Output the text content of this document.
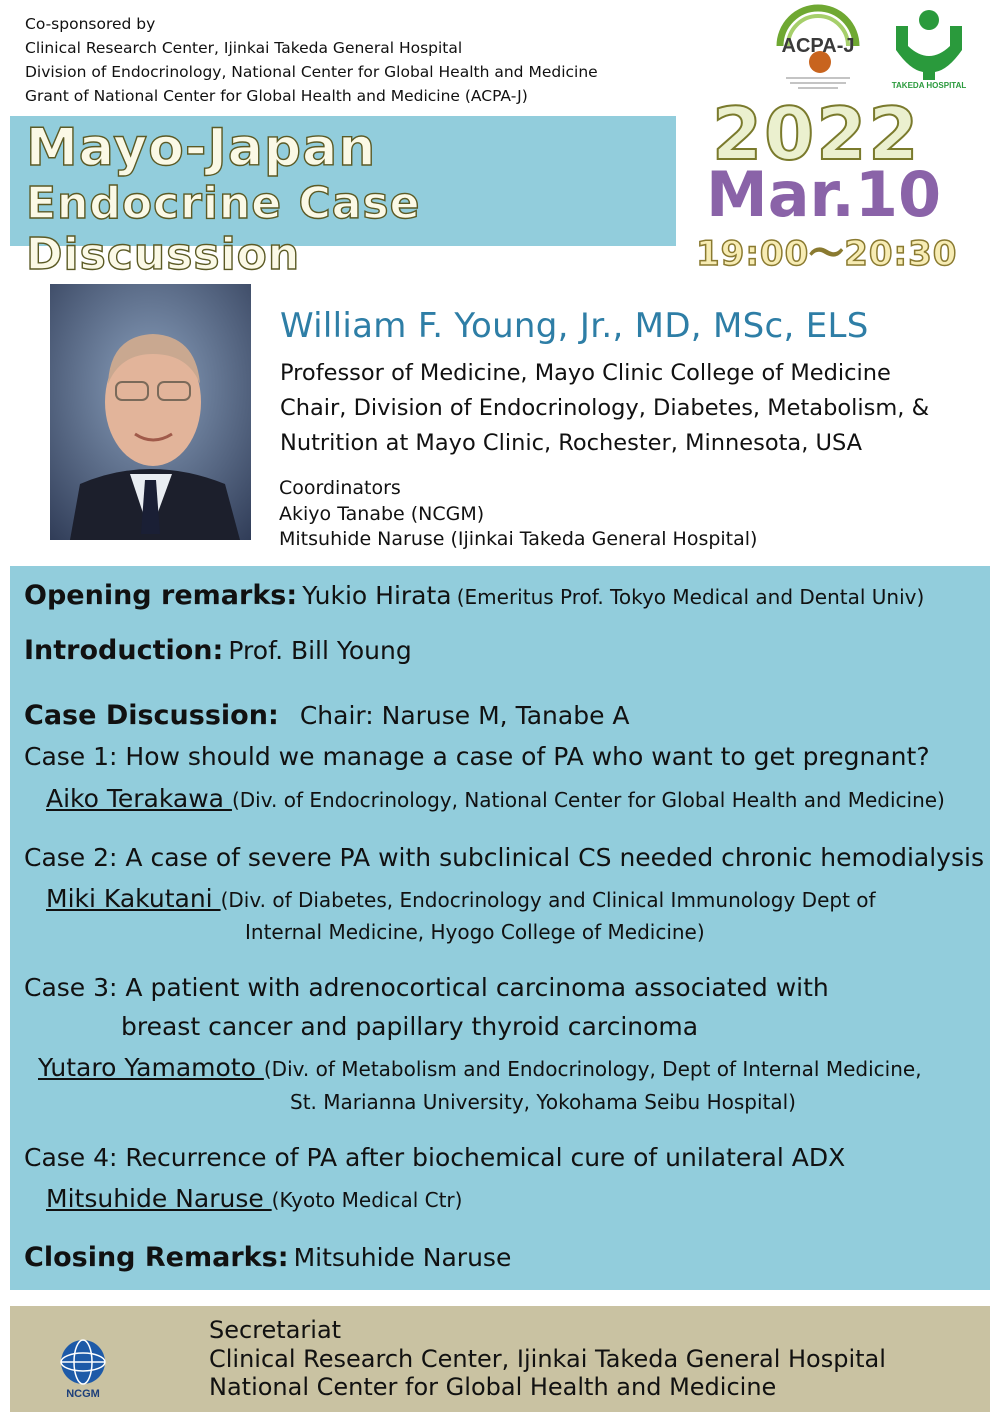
Co-sponsored by
Clinical Research Center, Ijinkai Takeda General Hospital
Division of Endocrinology, National Center for Global Health and Medicine
Grant of National Center for Global Health and Medicine (ACPA-J)
ACPA-J
TAKEDA HOSPITAL
Mayo-Japan
Endocrine Case Discussion
2022
Mar.10
19:00～20:30
William F. Young, Jr., MD, MSc, ELS
Professor of Medicine, Mayo Clinic College of Medicine
Chair, Division of Endocrinology, Diabetes, Metabolism, &
Nutrition at Mayo Clinic, Rochester, Minnesota, USA
Coordinators
Akiyo Tanabe (NCGM)
Mitsuhide Naruse (Ijinkai Takeda General Hospital)
Opening remarks: Yukio Hirata (Emeritus Prof. Tokyo Medical and Dental Univ)
Introduction: Prof. Bill Young
Case Discussion: Chair: Naruse M, Tanabe A
Case 1: How should we manage a case of PA who want to get pregnant?
Aiko Terakawa (Div. of Endocrinology, National Center for Global Health and Medicine)
Case 2: A case of severe PA with subclinical CS needed chronic hemodialysis
Miki Kakutani (Div. of Diabetes, Endocrinology and Clinical Immunology Dept of
Internal Medicine, Hyogo College of Medicine)
Case 3: A patient with adrenocortical carcinoma associated with
breast cancer and papillary thyroid carcinoma
Yutaro Yamamoto (Div. of Metabolism and Endocrinology, Dept of Internal Medicine,
St. Marianna University, Yokohama Seibu Hospital)
Case 4: Recurrence of PA after biochemical cure of unilateral ADX
Mitsuhide Naruse (Kyoto Medical Ctr)
Closing Remarks: Mitsuhide Naruse
NCGM
Secretariat
Clinical Research Center, Ijinkai Takeda General Hospital
National Center for Global Health and Medicine
